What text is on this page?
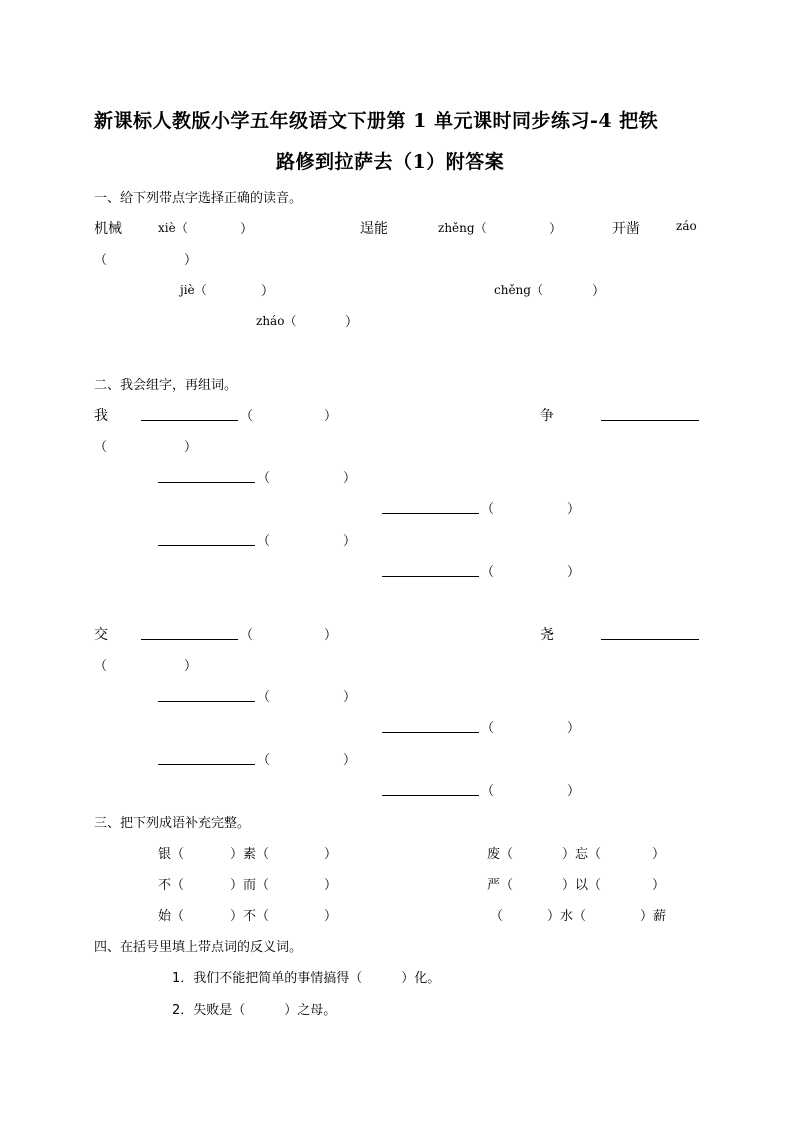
新课标人教版小学五年级语文下册第 1 单元课时同步练习-4 把铁
路修到拉萨去（1）附答案
一、给下列带点字选择正确的读音。
机械	xiè（	）	逞能	zhěng（	）	开凿	záo
（	）
jiè（	）	chěng（	）
zháo（	）
二、我会组字，再组词。
我	（	）	争
（	）
（	）
（	）
（	）
（	）
交	（	）	尧
（	）
（	）
（	）
（	）
（	）
三、把下列成语补充完整。
银（	）素（	）	废（	）忘（	）
不（	）而（	）	严（	）以（	）
始（	）不（	）	（	）水（	）薪
四、在括号里填上带点词的反义词。
1．我们不能把简单的事情搞得（　　　）化。
2．失败是（　　　）之母。
